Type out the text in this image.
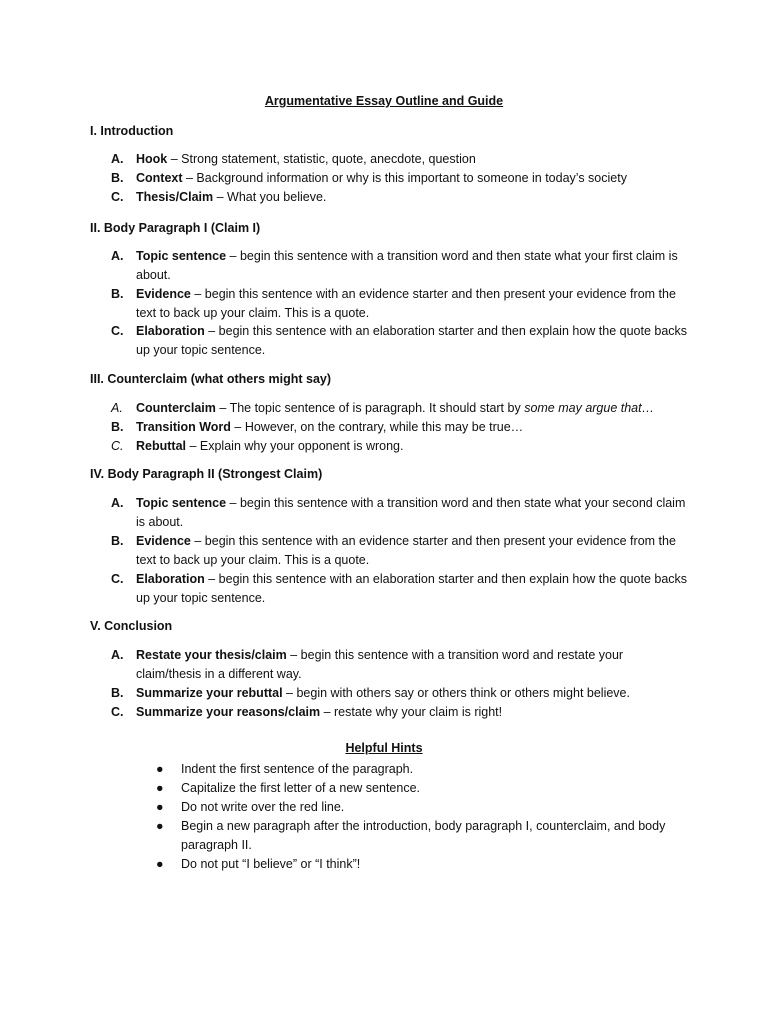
Argumentative Essay Outline and Guide
I. Introduction
A.	Hook – Strong statement, statistic, quote, anecdote, question
B.	Context – Background information or why is this important to someone in today’s society
C.	Thesis/Claim – What you believe.
II. Body Paragraph I (Claim I)
A.	Topic sentence – begin this sentence with a transition word and then state what your first claim is about.
B.	Evidence – begin this sentence with an evidence starter and then present your evidence from the text to back up your claim. This is a quote.
C.	Elaboration – begin this sentence with an elaboration starter and then explain how the quote backs up your topic sentence.
III. Counterclaim (what others might say)
A.	Counterclaim – The topic sentence of is paragraph. It should start by some may argue that…
B.	Transition Word – However, on the contrary, while this may be true…
C.	Rebuttal – Explain why your opponent is wrong.
IV. Body Paragraph II (Strongest Claim)
A.	Topic sentence – begin this sentence with a transition word and then state what your second claim is about.
B.	Evidence – begin this sentence with an evidence starter and then present your evidence from the text to back up your claim. This is a quote.
C.	Elaboration – begin this sentence with an elaboration starter and then explain how the quote backs up your topic sentence.
V. Conclusion
A.	Restate your thesis/claim – begin this sentence with a transition word and restate your claim/thesis in a different way.
B.	Summarize your rebuttal – begin with others say or others think or others might believe.
C.	Summarize your reasons/claim – restate why your claim is right!
Helpful Hints
● Indent the first sentence of the paragraph.
● Capitalize the first letter of a new sentence.
● Do not write over the red line.
● Begin a new paragraph after the introduction, body paragraph I, counterclaim, and body paragraph II.
● Do not put “I believe” or “I think”!
